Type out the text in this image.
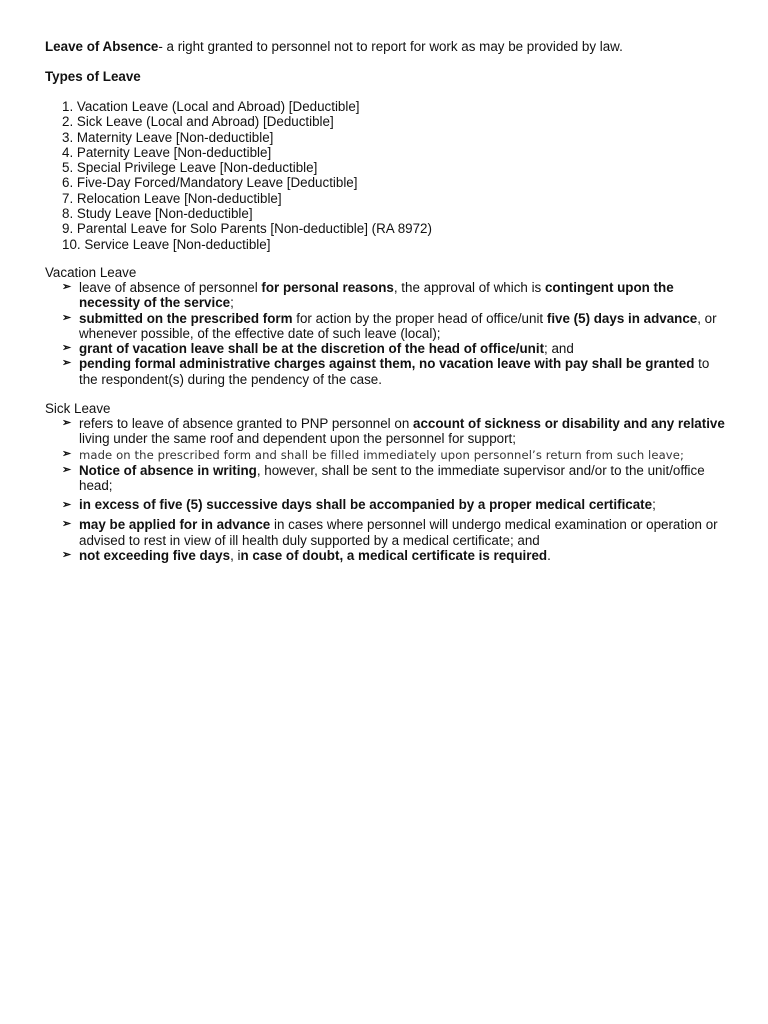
Leave of Absence- a right granted to personnel not to report for work as may be provided by law.

Types of Leave

1. Vacation Leave (Local and Abroad) [Deductible]
2. Sick Leave (Local and Abroad) [Deductible]
3. Maternity Leave [Non-deductible]
4. Paternity Leave [Non-deductible]
5. Special Privilege Leave [Non-deductible]
6. Five-Day Forced/Mandatory Leave [Deductible]
7. Relocation Leave [Non-deductible]
8. Study Leave [Non-deductible]
9. Parental Leave for Solo Parents [Non-deductible] (RA 8972)
10. Service Leave [Non-deductible]

Vacation Leave

➢ leave of absence of personnel for personal reasons, the approval of which is contingent upon the necessity of the service;
➢ submitted on the prescribed form for action by the proper head of office/unit five (5) days in advance, or whenever possible, of the effective date of such leave (local);
➢ grant of vacation leave shall be at the discretion of the head of office/unit; and
➢ pending formal administrative charges against them, no vacation leave with pay shall be granted to the respondent(s) during the pendency of the case.

Sick Leave

➢ refers to leave of absence granted to PNP personnel on account of sickness or disability and any relative living under the same roof and dependent upon the personnel for support;
➢ made on the prescribed form and shall be filled immediately upon personnel’s return from such leave;
➢ Notice of absence in writing, however, shall be sent to the immediate supervisor and/or to the unit/office head;
➢ in excess of five (5) successive days shall be accompanied by a proper medical certificate;
➢ may be applied for in advance in cases where personnel will undergo medical examination or operation or advised to rest in view of ill health duly supported by a medical certificate; and
➢ not exceeding five days, in case of doubt, a medical certificate is required.
